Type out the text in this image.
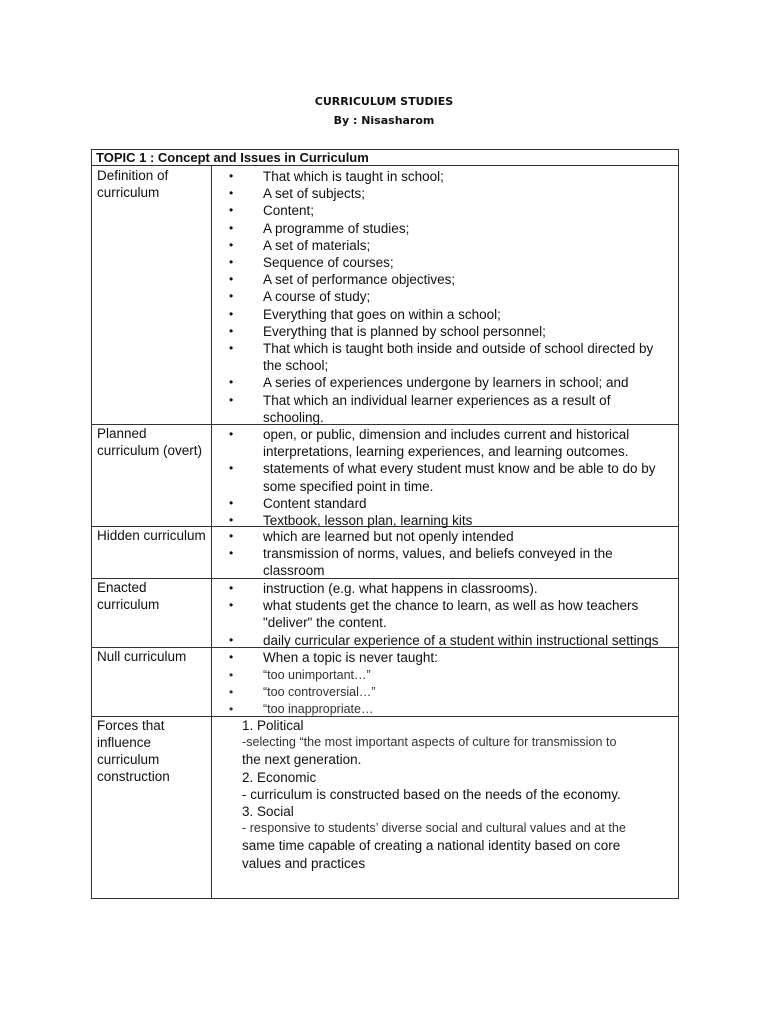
CURRICULUM STUDIES
By : Nisasharom
TOPIC 1 : Concept and Issues in Curriculum
Definition of curriculum
• That which is taught in school;
• A set of subjects;
• Content;
• A programme of studies;
• A set of materials;
• Sequence of courses;
• A set of performance objectives;
• A course of study;
• Everything that goes on within a school;
• Everything that is planned by school personnel;
• That which is taught both inside and outside of school directed by the school;
• A series of experiences undergone by learners in school; and
• That which an individual learner experiences as a result of schooling.
Planned curriculum (overt)
• open, or public, dimension and includes current and historical interpretations, learning experiences, and learning outcomes.
• statements of what every student must know and be able to do by some specified point in time.
• Content standard
• Textbook, lesson plan, learning kits
Hidden curriculum	• which are learned but not openly intended
• transmission of norms, values, and beliefs conveyed in the classroom
Enacted curriculum
• instruction (e.g. what happens in classrooms).
• what students get the chance to learn, as well as how teachers "deliver" the content.
• daily curricular experience of a student within instructional settings
Null curriculum	• When a topic is never taught:
• “too unimportant…”
• “too controversial…”
• “too inappropriate…
Forces that influence curriculum construction
1. Political
-selecting “the most important aspects of culture for transmission to
the next generation.
2. Economic
- curriculum is constructed based on the needs of the economy.
3. Social
- responsive to students’ diverse social and cultural values and at the
same time capable of creating a national identity based on core
values and practices
